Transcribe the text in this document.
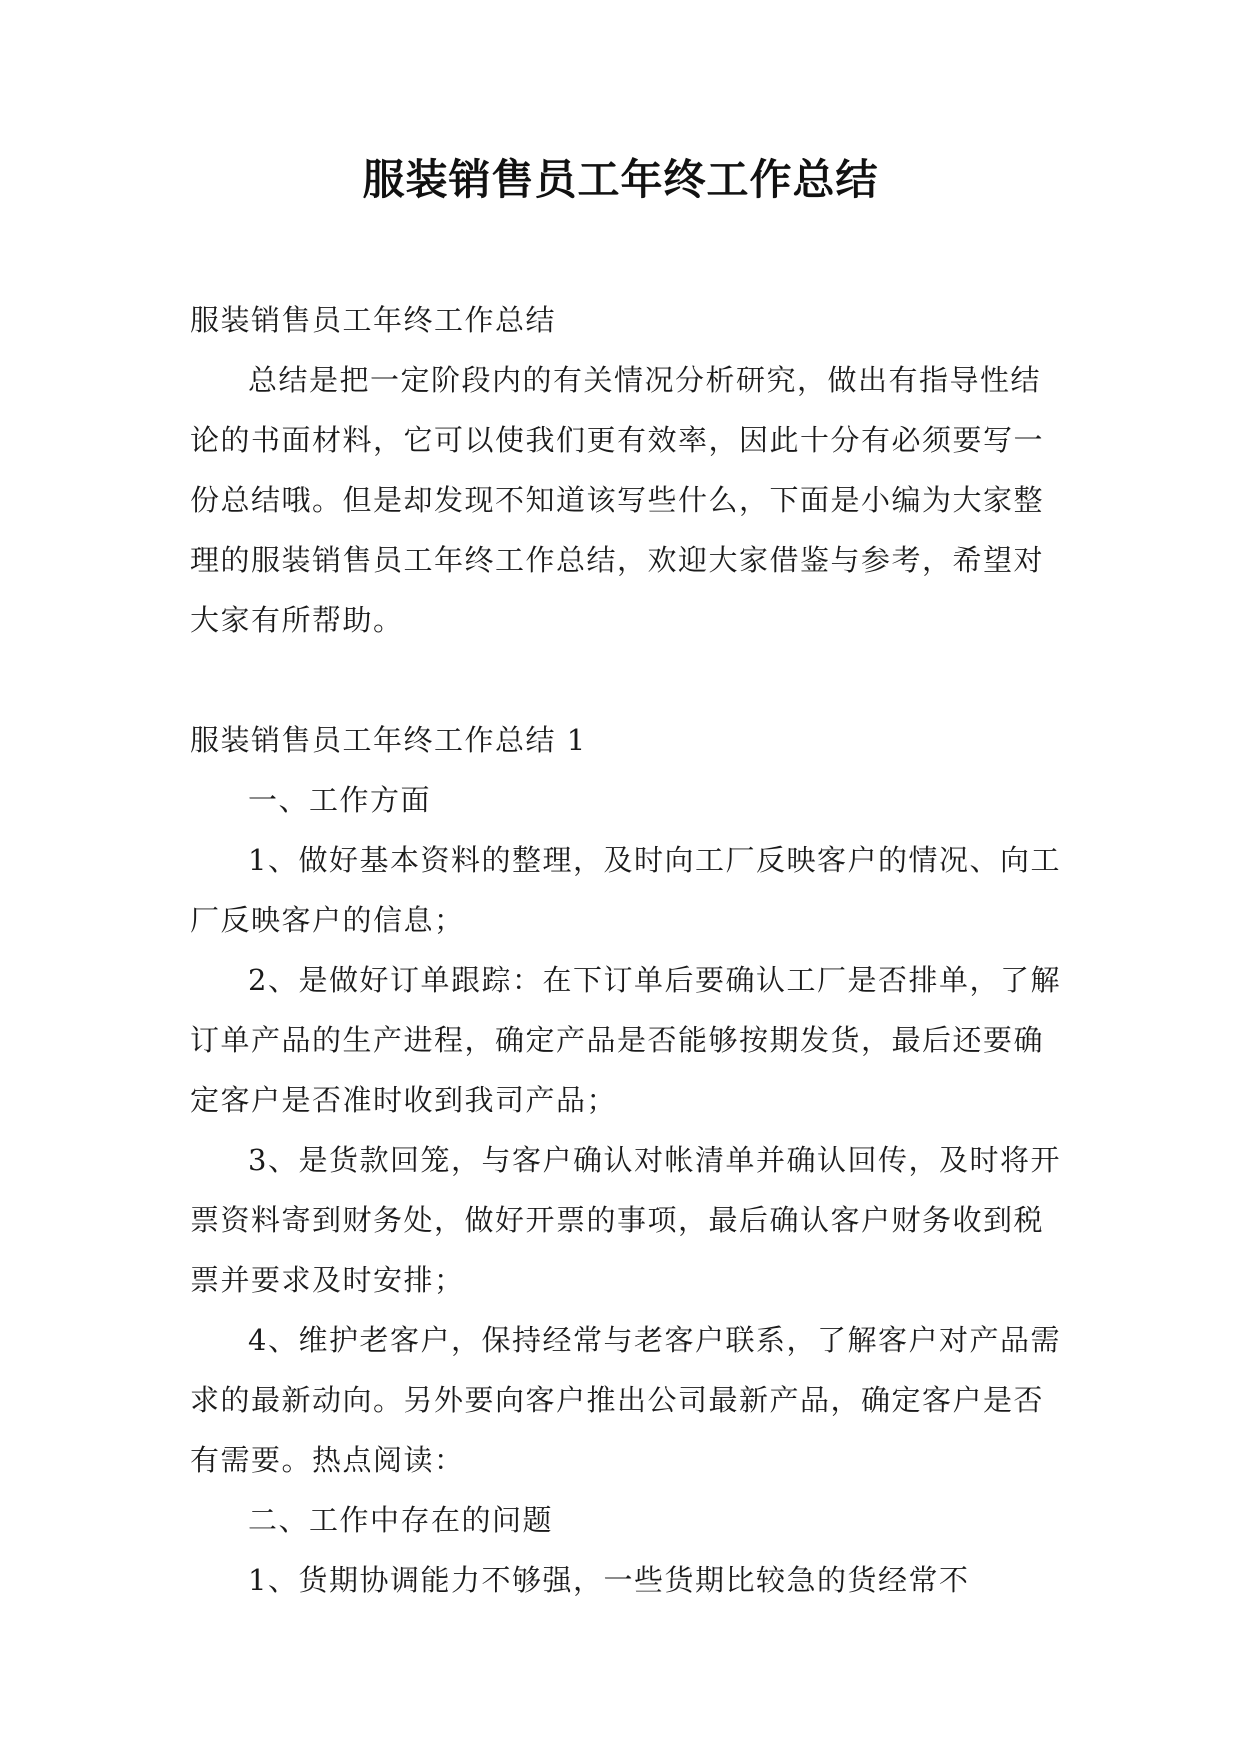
服装销售员工年终工作总结

服装销售员工年终工作总结

总结是把一定阶段内的有关情况分析研究，做出有指导性结论的书面材料，它可以使我们更有效率，因此十分有必须要写一份总结哦。但是却发现不知道该写些什么，下面是小编为大家整理的服装销售员工年终工作总结，欢迎大家借鉴与参考，希望对大家有所帮助。

服装销售员工年终工作总结 1

一、工作方面

1、做好基本资料的整理，及时向工厂反映客户的情况、向工厂反映客户的信息；

2、是做好订单跟踪：在下订单后要确认工厂是否排单，了解订单产品的生产进程，确定产品是否能够按期发货，最后还要确定客户是否准时收到我司产品；

3、是货款回笼，与客户确认对帐清单并确认回传，及时将开票资料寄到财务处，做好开票的事项，最后确认客户财务收到税票并要求及时安排；

4、维护老客户，保持经常与老客户联系，了解客户对产品需求的最新动向。另外要向客户推出公司最新产品，确定客户是否有需要。热点阅读：

二、工作中存在的问题

1、货期协调能力不够强，一些货期比较急的货经常不
